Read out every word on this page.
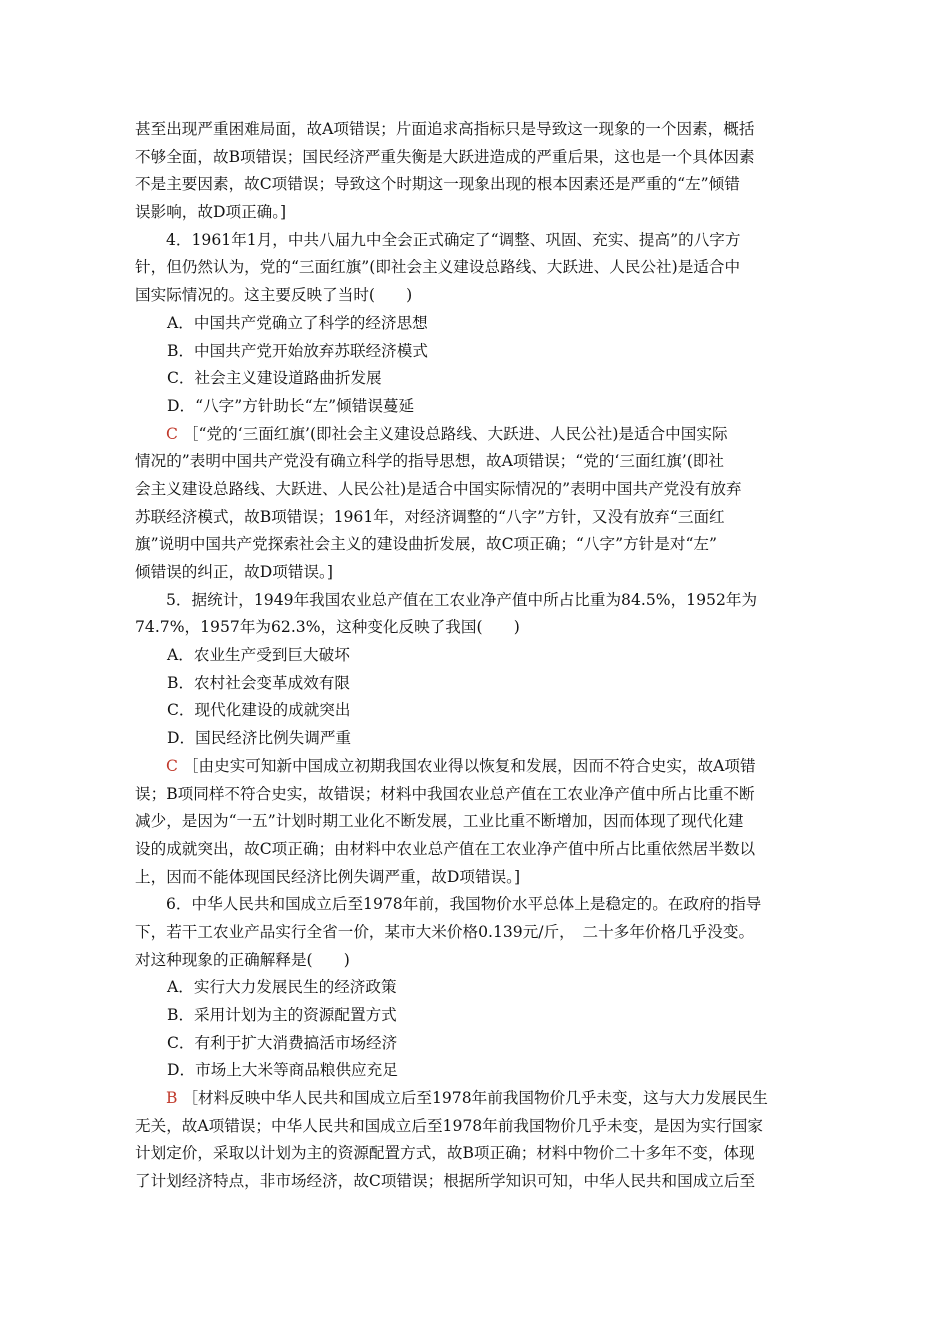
甚至出现严重困难局面，故A项错误；片面追求高指标只是导致这一现象的一个因素，概括
不够全面，故B项错误；国民经济严重失衡是大跃进造成的严重后果，这也是一个具体因素
不是主要因素，故C项错误；导致这个时期这一现象出现的根本因素还是严重的“左”倾错
误影响，故D项正确。]
4．1961年1月，中共八届九中全会正式确定了“调整、巩固、充实、提高”的八字方
针，但仍然认为，党的“三面红旗”(即社会主义建设总路线、大跃进、人民公社)是适合中
国实际情况的。这主要反映了当时(　　)
A．中国共产党确立了科学的经济思想
B．中国共产党开始放弃苏联经济模式
C．社会主义建设道路曲折发展
D．“八字”方针助长“左”倾错误蔓延
C ［“党的‘三面红旗’(即社会主义建设总路线、大跃进、人民公社)是适合中国实际
情况的”表明中国共产党没有确立科学的指导思想，故A项错误；“党的‘三面红旗’(即社
会主义建设总路线、大跃进、人民公社)是适合中国实际情况的”表明中国共产党没有放弃
苏联经济模式，故B项错误；1961年，对经济调整的“八字”方针，又没有放弃“三面红
旗”说明中国共产党探索社会主义的建设曲折发展，故C项正确；“八字”方针是对“左”
倾错误的纠正，故D项错误。]
5．据统计，1949年我国农业总产值在工农业净产值中所占比重为84.5%，1952年为
74.7%，1957年为62.3%，这种变化反映了我国(　　)
A．农业生产受到巨大破坏
B．农村社会变革成效有限
C．现代化建设的成就突出
D．国民经济比例失调严重
C ［由史实可知新中国成立初期我国农业得以恢复和发展，因而不符合史实，故A项错
误；B项同样不符合史实，故错误；材料中我国农业总产值在工农业净产值中所占比重不断
减少，是因为“一五”计划时期工业化不断发展，工业比重不断增加，因而体现了现代化建
设的成就突出，故C项正确；由材料中农业总产值在工农业净产值中所占比重依然居半数以
上，因而不能体现国民经济比例失调严重，故D项错误。]
6．中华人民共和国成立后至1978年前，我国物价水平总体上是稳定的。在政府的指导
下，若干工农业产品实行全省一价，某市大米价格0.139元/斤，　二十多年价格几乎没变。
对这种现象的正确解释是(　　)
A．实行大力发展民生的经济政策
B．采用计划为主的资源配置方式
C．有利于扩大消费搞活市场经济
D．市场上大米等商品粮供应充足
B ［材料反映中华人民共和国成立后至1978年前我国物价几乎未变，这与大力发展民生
无关，故A项错误；中华人民共和国成立后至1978年前我国物价几乎未变，是因为实行国家
计划定价，采取以计划为主的资源配置方式，故B项正确；材料中物价二十多年不变，体现
了计划经济特点，非市场经济，故C项错误；根据所学知识可知，中华人民共和国成立后至
